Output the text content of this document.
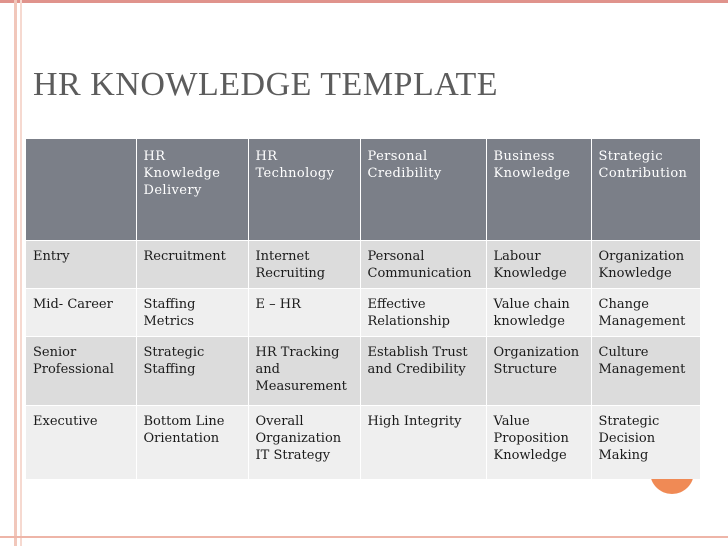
HR KNOWLEDGE TEMPLATE
	HR Knowledge Delivery	HR Technology	Personal Credibility	Business Knowledge	Strategic Contribution
Entry	Recruitment	Internet Recruiting	Personal Communication	Labour Knowledge	Organization Knowledge
Mid- Career	Staffing Metrics	E – HR	Effective Relationship	Value chain knowledge	Change Management
Senior Professional	Strategic Staffing	HR Tracking and Measurement	Establish Trust and Credibility	Organization Structure	Culture Management
Executive	Bottom Line Orientation	Overall Organization IT Strategy	High Integrity	Value Proposition Knowledge	Strategic Decision Making
